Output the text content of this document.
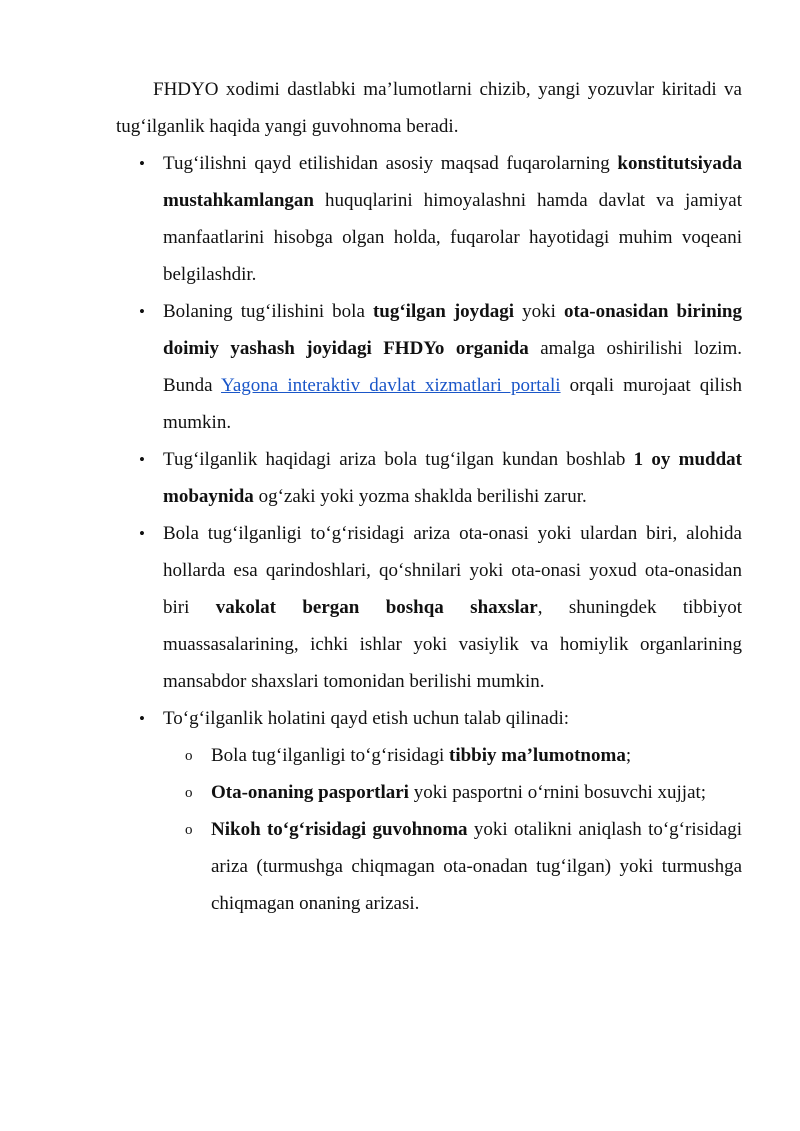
FHDYO xodimi dastlabki ma’lumotlarni chizib, yangi yozuvlar kiritadi va tug‘ilganlik haqida yangi guvohnoma beradi.

• Tug‘ilishni qayd etilishidan asosiy maqsad fuqarolarning konstitutsiyada mustahkamlangan huquqlarini himoyalashni hamda davlat va jamiyat manfaatlarini hisobga olgan holda, fuqarolar hayotidagi muhim voqeani belgilashdir.
• Bolaning tug‘ilishini bola tug‘ilgan joydagi yoki ota-onasidan birining doimiy yashash joyidagi FHDYo organida amalga oshirilishi lozim. Bunda Yagona interaktiv davlat xizmatlari portali orqali murojaat qilish mumkin.
• Tug‘ilganlik haqidagi ariza bola tug‘ilgan kundan boshlab 1 oy muddat mobaynida og‘zaki yoki yozma shaklda berilishi zarur.
• Bola tug‘ilganligi to‘g‘risidagi ariza ota-onasi yoki ulardan biri, alohida hollarda esa qarindoshlari, qo‘shnilari yoki ota-onasi yoxud ota-onasidan biri vakolat bergan boshqa shaxslar, shuningdek tibbiyot muassasalarining, ichki ishlar yoki vasiylik va homiylik organlarining mansabdor shaxslari tomonidan berilishi mumkin.
• To‘g‘ilganlik holatini qayd etish uchun talab qilinadi:
o Bola tug‘ilganligi to‘g‘risidagi tibbiy ma’lumotnoma;
o Ota-onaning pasportlari yoki pasportni o‘rnini bosuvchi xujjat;
o Nikoh to‘g‘risidagi guvohnoma yoki otalikni aniqlash to‘g‘risidagi ariza (turmushga chiqmagan ota-onadan tug‘ilgan) yoki turmushga chiqmagan onaning arizasi.
